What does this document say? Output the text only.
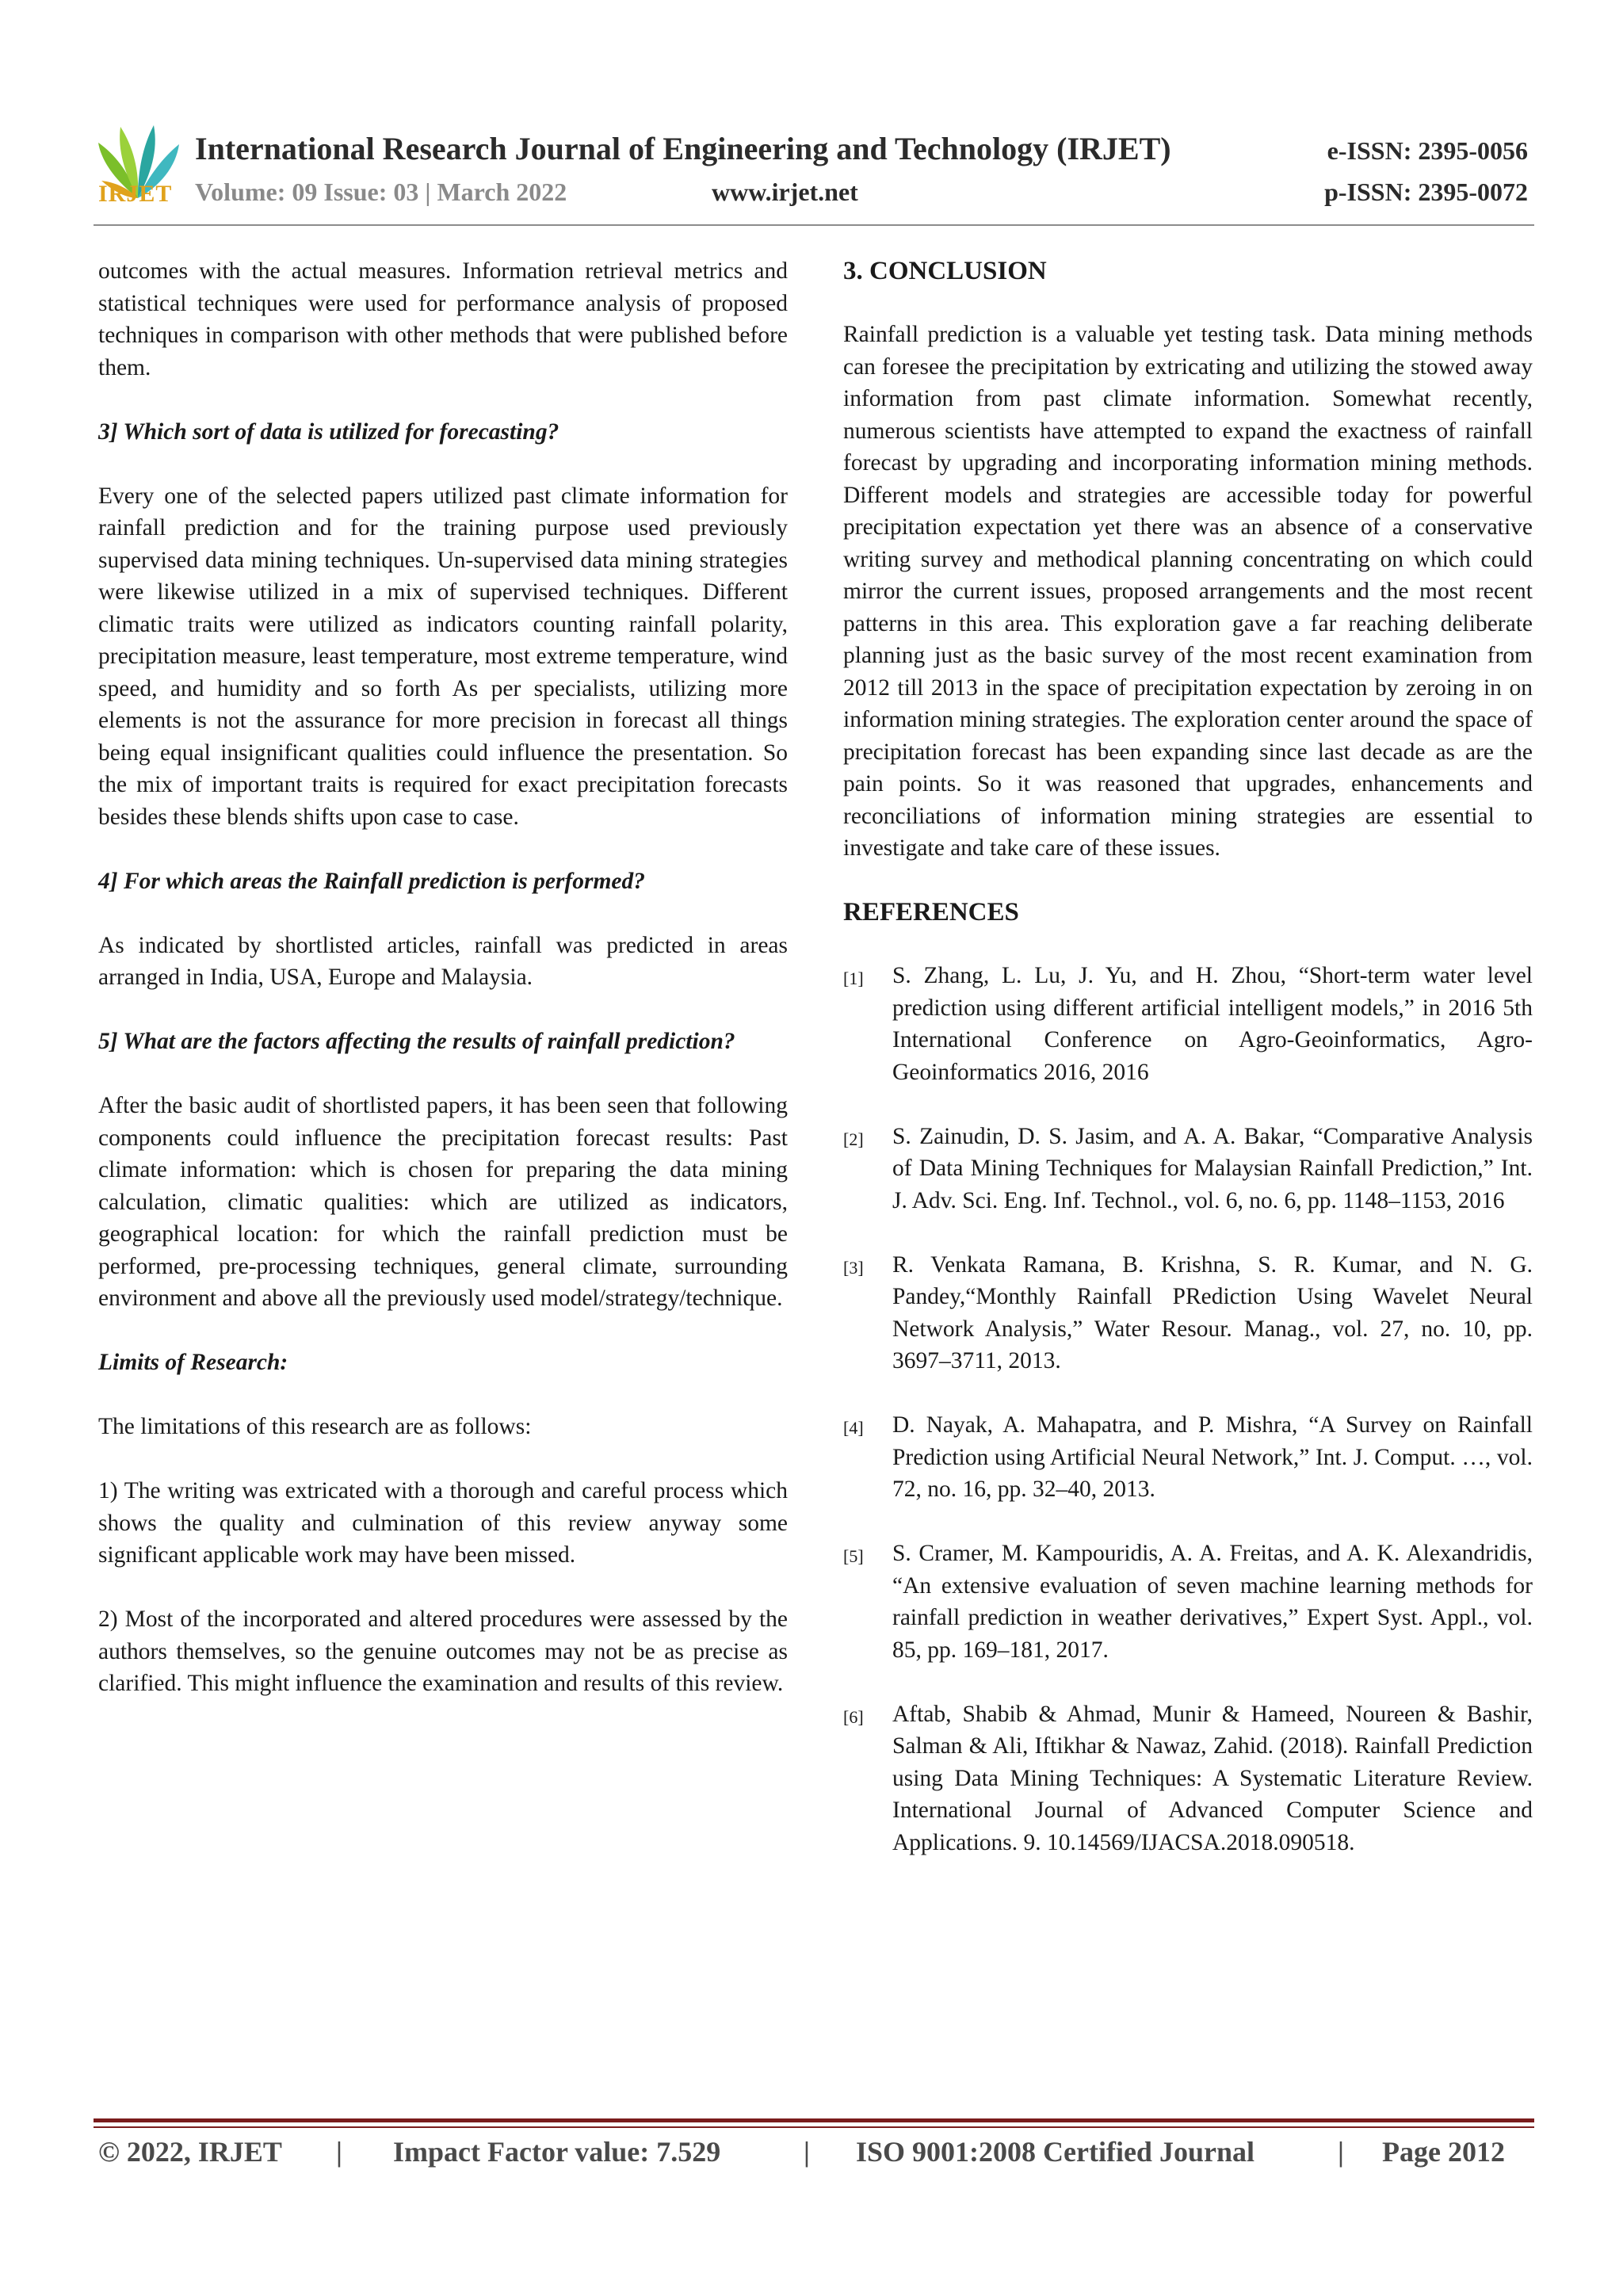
IRJET
International Research Journal of Engineering and Technology (IRJET)
Volume: 09 Issue: 03 | March 2022	www.irjet.net
e-ISSN: 2395-0056
p-ISSN: 2395-0072

outcomes with the actual measures. Information retrieval metrics and statistical techniques were used for performance analysis of proposed techniques in comparison with other methods that were published before them.

3] Which sort of data is utilized for forecasting?

Every one of the selected papers utilized past climate information for rainfall prediction and for the training purpose used previously supervised data mining techniques. Un-supervised data mining strategies were likewise utilized in a mix of supervised techniques. Different climatic traits were utilized as indicators counting rainfall polarity, precipitation measure, least temperature, most extreme temperature, wind speed, and humidity and so forth As per specialists, utilizing more elements is not the assurance for more precision in forecast all things being equal insignificant qualities could influence the presentation. So the mix of important traits is required for exact precipitation forecasts besides these blends shifts upon case to case.

4] For which areas the Rainfall prediction is performed?

As indicated by shortlisted articles, rainfall was predicted in areas arranged in India, USA, Europe and Malaysia.

5] What are the factors affecting the results of rainfall prediction?

After the basic audit of shortlisted papers, it has been seen that following components could influence the precipitation forecast results: Past climate information: which is chosen for preparing the data mining calculation, climatic qualities: which are utilized as indicators, geographical location: for which the rainfall prediction must be performed, pre-processing techniques, general climate, surrounding environment and above all the previously used model/strategy/technique.

Limits of Research:

The limitations of this research are as follows:

1) The writing was extricated with a thorough and careful process which shows the quality and culmination of this review anyway some significant applicable work may have been missed.

2) Most of the incorporated and altered procedures were assessed by the authors themselves, so the genuine outcomes may not be as precise as clarified. This might influence the examination and results of this review.

3. CONCLUSION

Rainfall prediction is a valuable yet testing task. Data mining methods can foresee the precipitation by extricating and utilizing the stowed away information from past climate information. Somewhat recently, numerous scientists have attempted to expand the exactness of rainfall forecast by upgrading and incorporating information mining methods. Different models and strategies are accessible today for powerful precipitation expectation yet there was an absence of a conservative writing survey and methodical planning concentrating on which could mirror the current issues, proposed arrangements and the most recent patterns in this area. This exploration gave a far reaching deliberate planning just as the basic survey of the most recent examination from 2012 till 2013 in the space of precipitation expectation by zeroing in on information mining strategies. The exploration center around the space of precipitation forecast has been expanding since last decade as are the pain points. So it was reasoned that upgrades, enhancements and reconciliations of information mining strategies are essential to investigate and take care of these issues.

REFERENCES
[1]	S. Zhang, L. Lu, J. Yu, and H. Zhou, “Short-term water level prediction using different artificial intelligent models,” in 2016 5th International Conference on Agro-Geoinformatics, Agro-Geoinformatics 2016, 2016
[2]	S. Zainudin, D. S. Jasim, and A. A. Bakar, “Comparative Analysis of Data Mining Techniques for Malaysian Rainfall Prediction,” Int. J. Adv. Sci. Eng. Inf. Technol., vol. 6, no. 6, pp. 1148–1153, 2016
[3]	R. Venkata Ramana, B. Krishna, S. R. Kumar, and N. G. Pandey,“Monthly Rainfall PRediction Using Wavelet Neural Network Analysis,” Water Resour. Manag., vol. 27, no. 10, pp. 3697–3711, 2013.
[4]	D. Nayak, A. Mahapatra, and P. Mishra, “A Survey on Rainfall Prediction using Artificial Neural Network,” Int. J. Comput. …, vol. 72, no. 16, pp. 32–40, 2013.
[5]	S. Cramer, M. Kampouridis, A. A. Freitas, and A. K. Alexandridis, “An extensive evaluation of seven machine learning methods for rainfall prediction in weather derivatives,” Expert Syst. Appl., vol. 85, pp. 169–181, 2017.
[6]	Aftab, Shabib & Ahmad, Munir & Hameed, Noureen & Bashir, Salman & Ali, Iftikhar & Nawaz, Zahid. (2018). Rainfall Prediction using Data Mining Techniques: A Systematic Literature Review. International Journal of Advanced Computer Science and Applications. 9. 10.14569/IJACSA.2018.090518.
© 2022, IRJET | Impact Factor value: 7.529	| ISO 9001:2008 Certified Journal	| Page 2012
